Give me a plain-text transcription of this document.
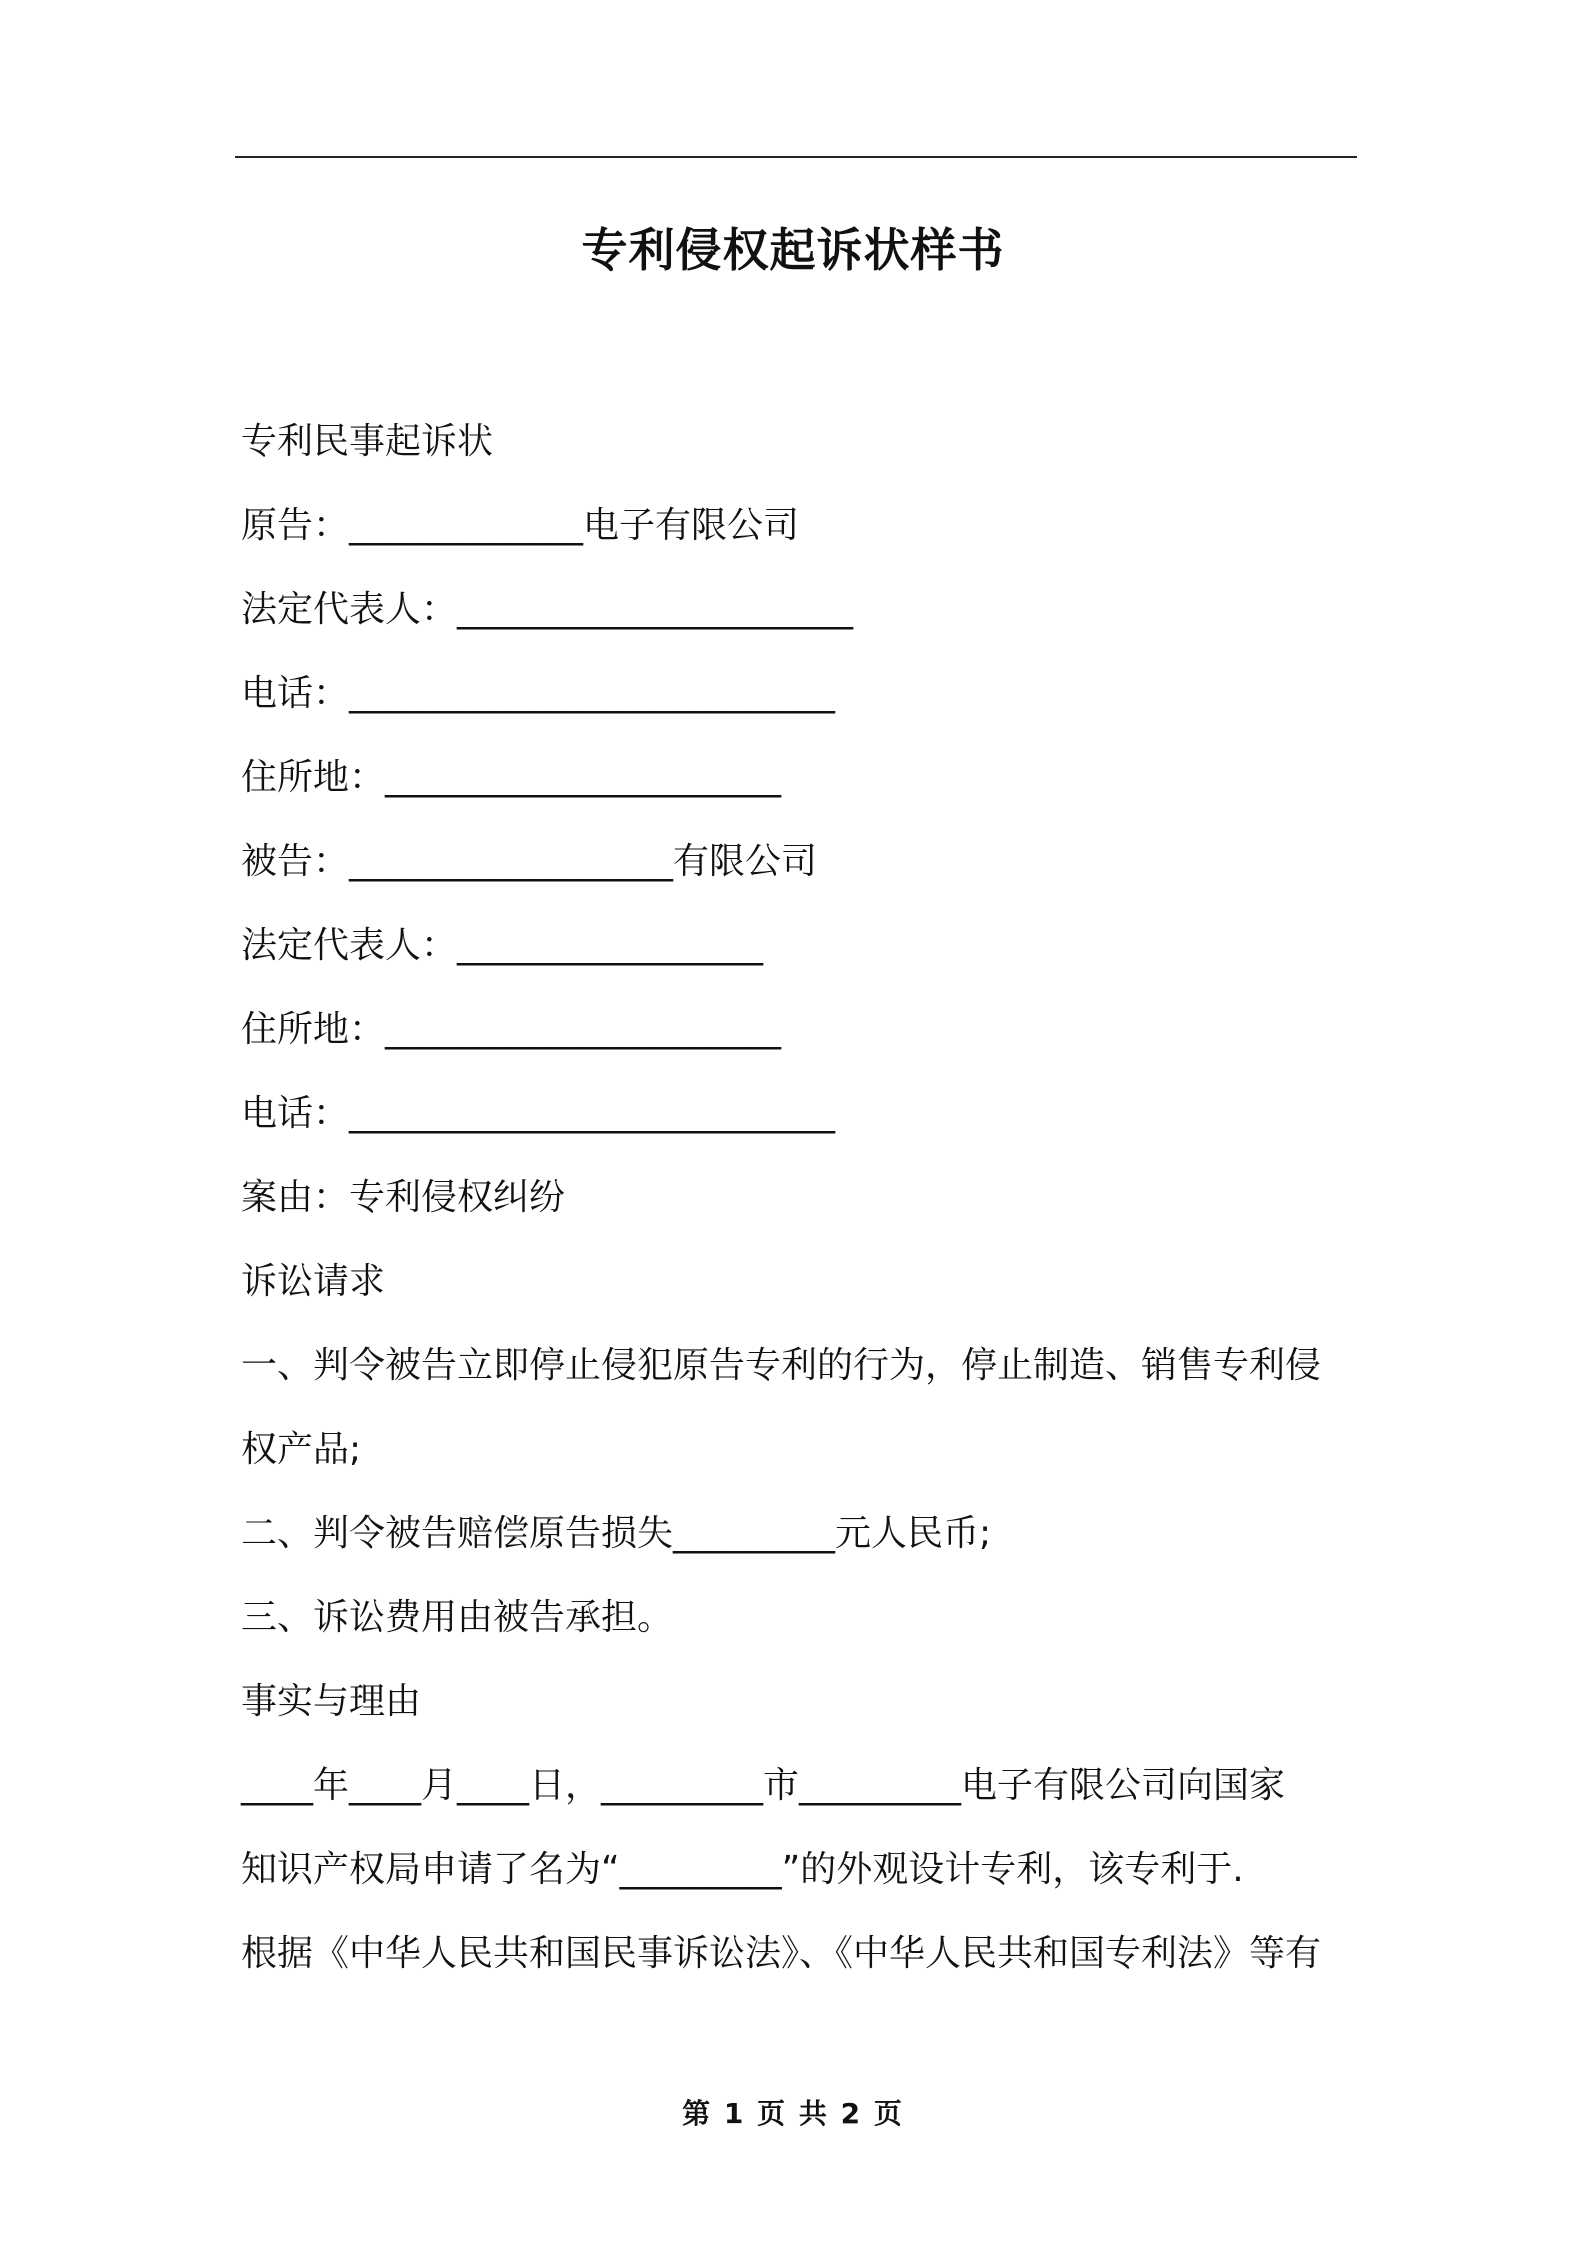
专利侵权起诉状样书
专利民事起诉状
原告：_____________电子有限公司
法定代表人：______________________
电话：___________________________
住所地：______________________
被告：__________________有限公司
法定代表人：_________________
住所地：______________________
电话：___________________________
案由：专利侵权纠纷
诉讼请求
一、判令被告立即停止侵犯原告专利的行为，停止制造、销售专利侵
权产品;
二、判令被告赔偿原告损失_________元人民币;
三、诉讼费用由被告承担。
事实与理由
____年____月____日，_________市_________电子有限公司向国家
知识产权局申请了名为“_________”的外观设计专利，该专利于.
根据《中华人民共和国民事诉讼法》、《中华人民共和国专利法》等有
第 1 页 共 2 页
